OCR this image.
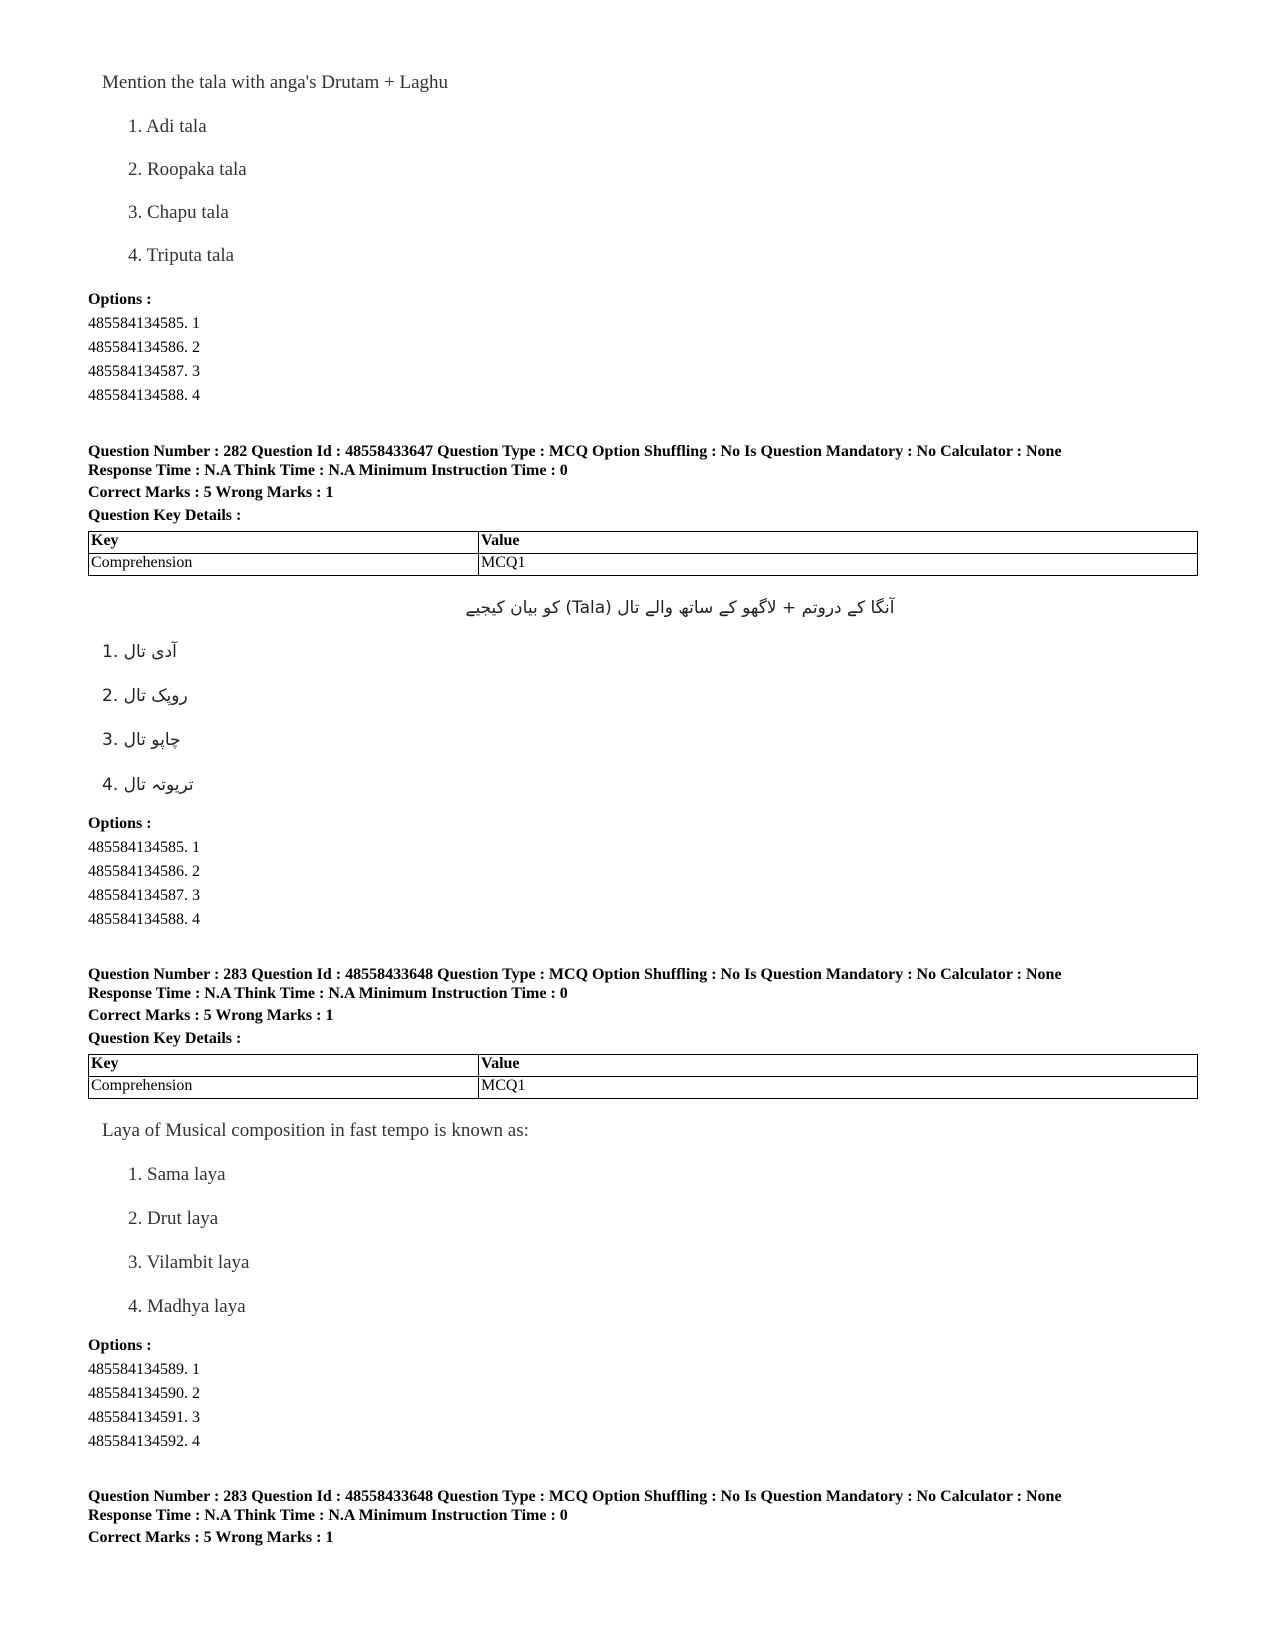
Mention the tala with anga's Drutam + Laghu
1. Adi tala
2. Roopaka tala
3. Chapu tala
4. Triputa tala
Options :
485584134585. 1
485584134586. 2
485584134587. 3
485584134588. 4
Question Number : 282 Question Id : 48558433647 Question Type : MCQ Option Shuffling : No Is Question Mandatory : No Calculator : None
Response Time : N.A Think Time : N.A Minimum Instruction Time : 0
Correct Marks : 5 Wrong Marks : 1
Question Key Details :
Key	Value
Comprehension	MCQ1
آنگا کے دروتم + لاگھو کے ساتھ والے تال (Tala) کو بیان کیجیے
1. آدی تال
2. روپک تال
3. چاپو تال
4. تریوتہ تال
Options :
485584134585. 1
485584134586. 2
485584134587. 3
485584134588. 4
Question Number : 283 Question Id : 48558433648 Question Type : MCQ Option Shuffling : No Is Question Mandatory : No Calculator : None
Response Time : N.A Think Time : N.A Minimum Instruction Time : 0
Correct Marks : 5 Wrong Marks : 1
Question Key Details :
Key	Value
Comprehension	MCQ1
Laya of Musical composition in fast tempo is known as:
1. Sama laya
2. Drut laya
3. Vilambit laya
4. Madhya laya
Options :
485584134589. 1
485584134590. 2
485584134591. 3
485584134592. 4
Question Number : 283 Question Id : 48558433648 Question Type : MCQ Option Shuffling : No Is Question Mandatory : No Calculator : None
Response Time : N.A Think Time : N.A Minimum Instruction Time : 0
Correct Marks : 5 Wrong Marks : 1
